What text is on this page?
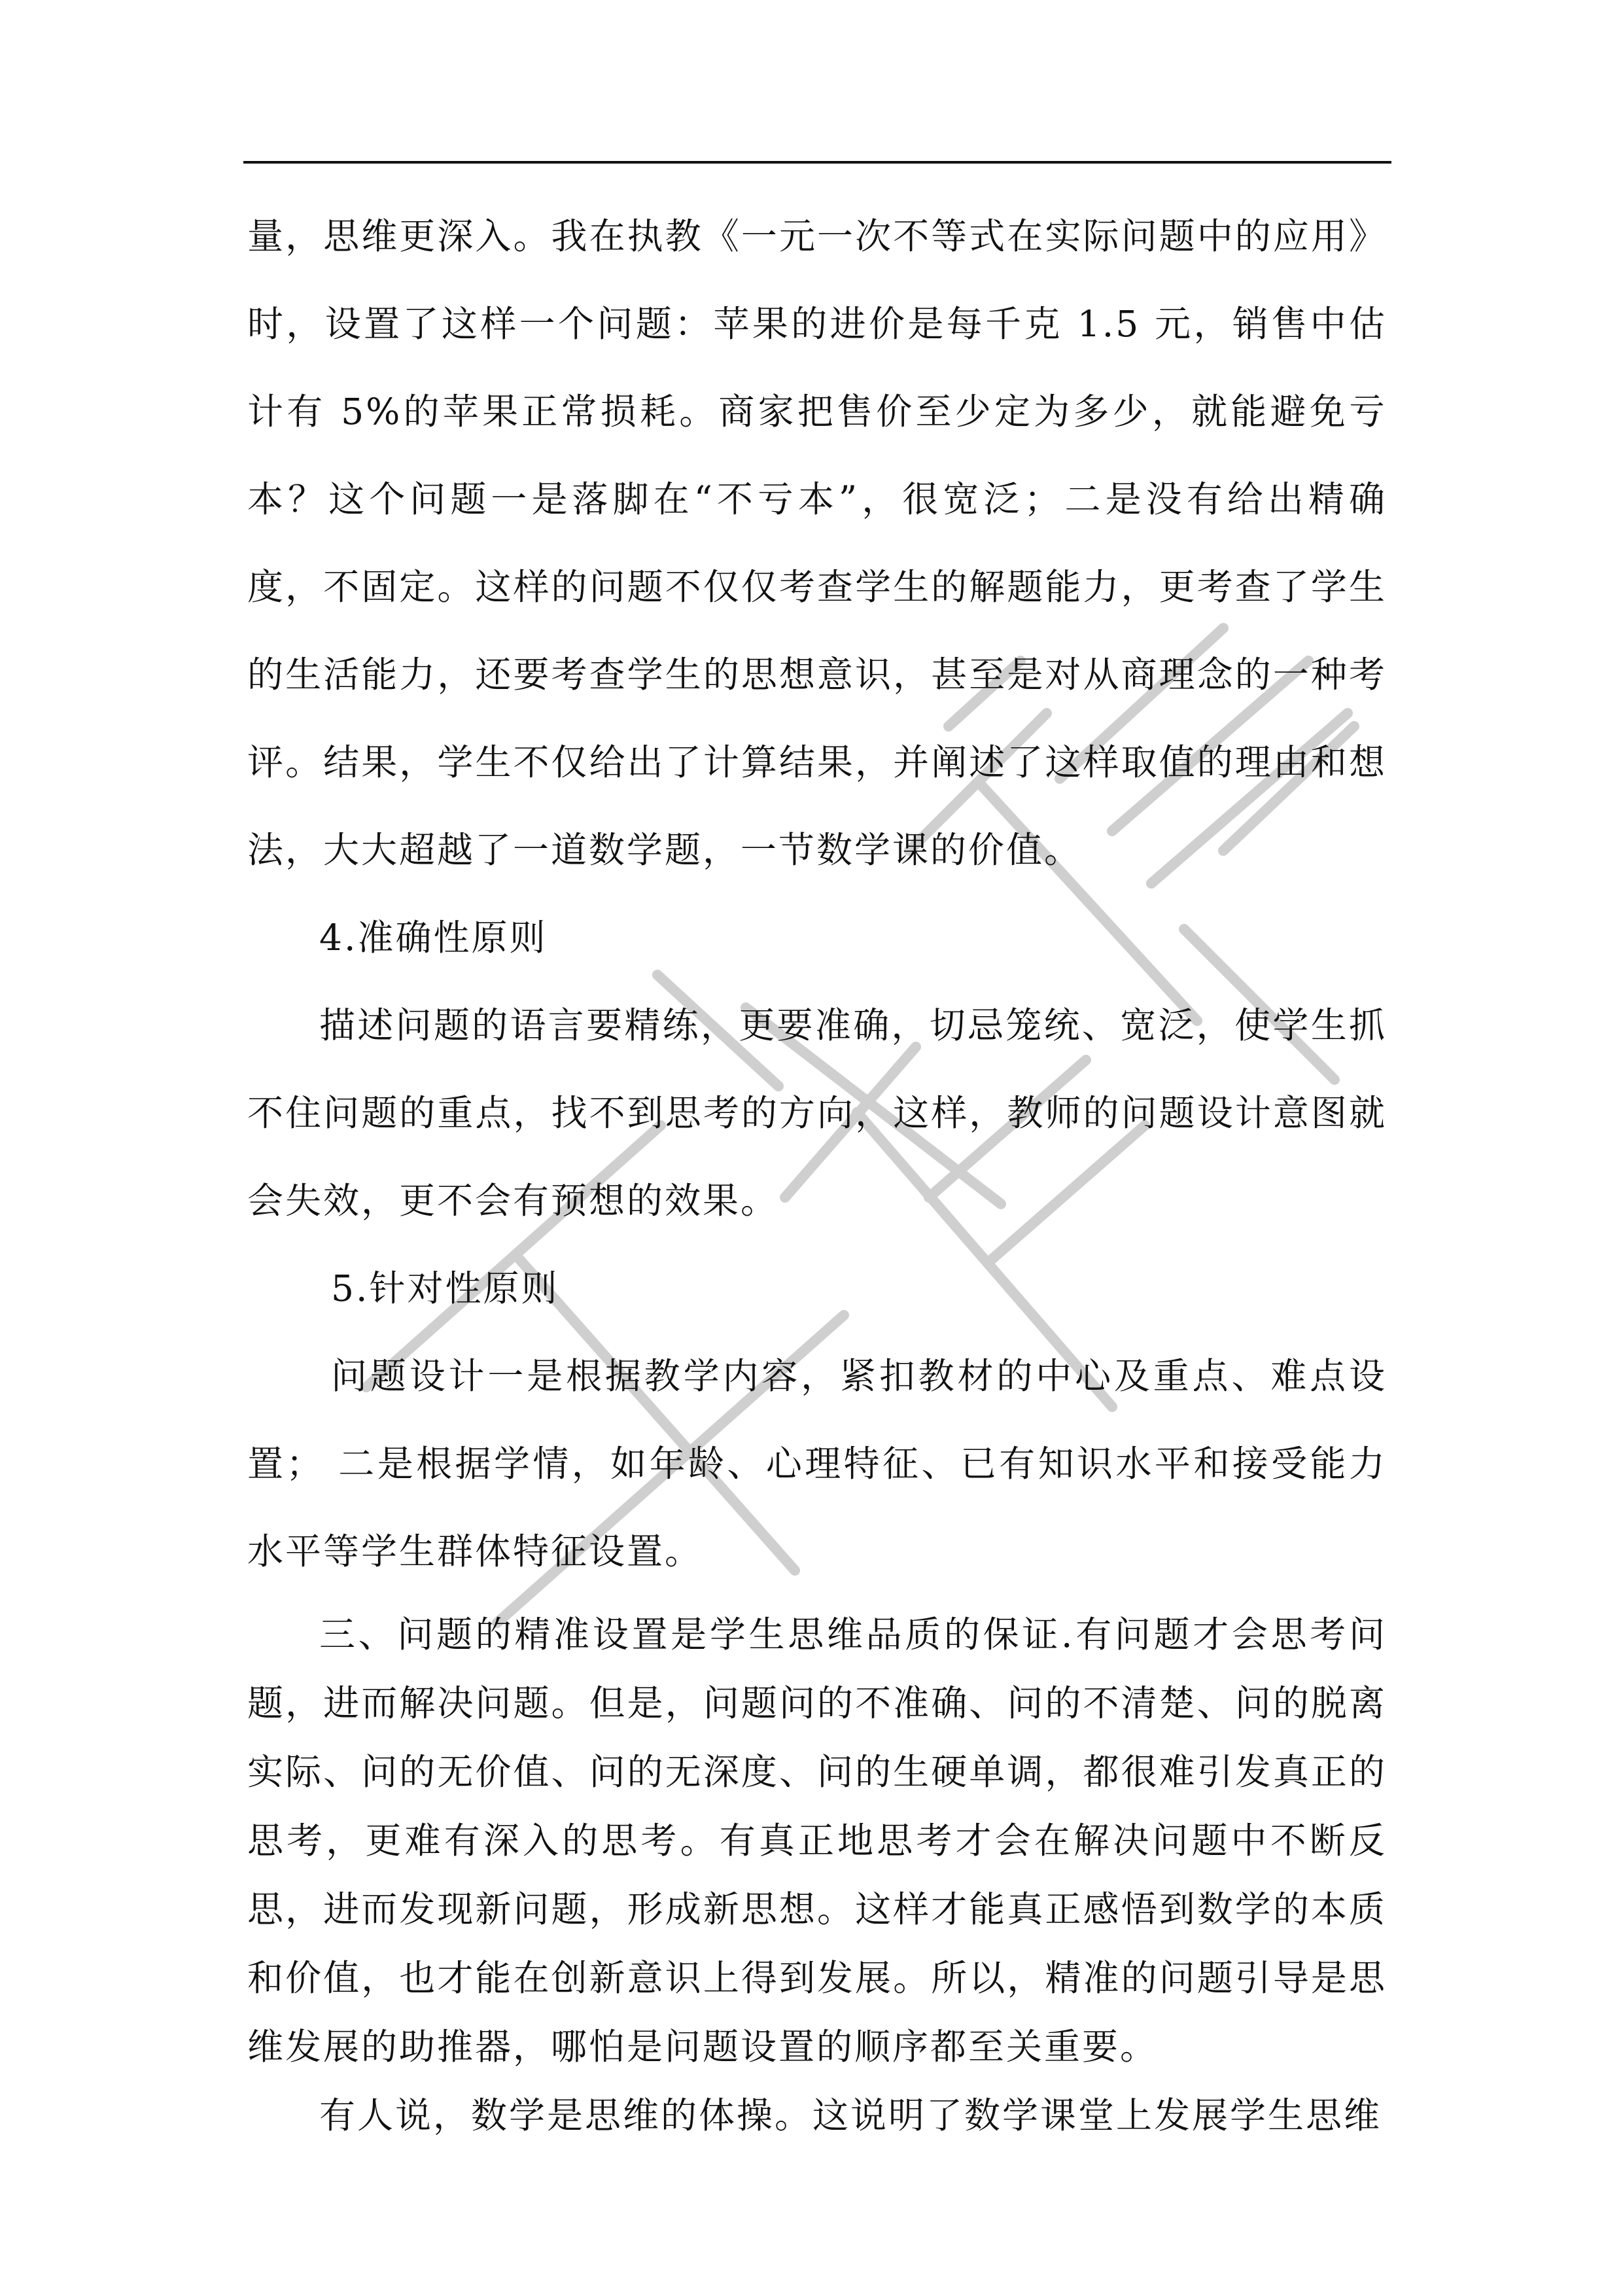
量，思维更深入。我在执教《一元一次不等式在实际问题中的应用》时，设置了这样一个问题：苹果的进价是每千克 1.5 元，销售中估计有 5%的苹果正常损耗。商家把售价至少定为多少，就能避免亏本？这个问题一是落脚在“不亏本”，很宽泛；二是没有给出精确度，不固定。这样的问题不仅仅考查学生的解题能力，更考查了学生的生活能力，还要考查学生的思想意识，甚至是对从商理念的一种考评。结果，学生不仅给出了计算结果，并阐述了这样取值的理由和想法，大大超越了一道数学题，一节数学课的价值。

4.准确性原则

描述问题的语言要精练，更要准确，切忌笼统、宽泛，使学生抓不住问题的重点，找不到思考的方向，这样，教师的问题设计意图就会失效，更不会有预想的效果。

5.针对性原则

问题设计一是根据教学内容，紧扣教材的中心及重点、难点设置； 二是根据学情，如年龄、心理特征、已有知识水平和接受能力水平等学生群体特征设置。

三、问题的精准设置是学生思维品质的保证.有问题才会思考问题，进而解决问题。但是，问题问的不准确、问的不清楚、问的脱离实际、问的无价值、问的无深度、问的生硬单调，都很难引发真正的思考，更难有深入的思考。有真正地思考才会在解决问题中不断反思，进而发现新问题，形成新思想。这样才能真正感悟到数学的本质和价值，也才能在创新意识上得到发展。所以，精准的问题引导是思维发展的助推器，哪怕是问题设置的顺序都至关重要。

有人说，数学是思维的体操。这说明了数学课堂上发展学生思维
